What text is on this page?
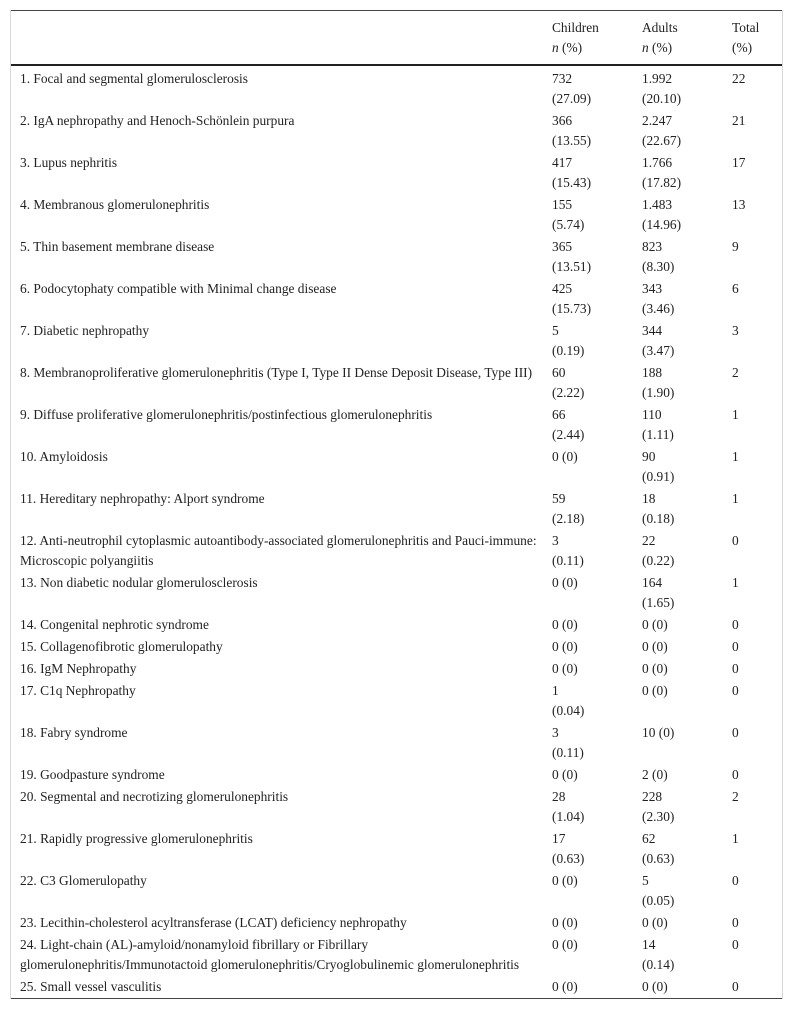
	Children
n (%)	Adults
n (%)	Total
(%)

1. Focal and segmental glomerulosclerosis	732
(27.09)	1.992
(20.10)	22

2. IgA nephropathy and Henoch-Schönlein purpura	366
(13.55)	2.247
(22.67)	21

3. Lupus nephritis	417
(15.43)	1.766
(17.82)	17

4. Membranous glomerulonephritis	155
(5.74)	1.483
(14.96)	13

5. Thin basement membrane disease	365
(13.51)	823
(8.30)	9

6. Podocytophaty compatible with Minimal change disease	425
(15.73)	343
(3.46)	6

7. Diabetic nephropathy	5
(0.19)	344
(3.47)	3

8. Membranoproliferative glomerulonephritis (Type I, Type II Dense Deposit Disease, Type III)	60
(2.22)	188
(1.90)	2

9. Diffuse proliferative glomerulonephritis/postinfectious glomerulonephritis	66
(2.44)	110
(1.11)	1

10. Amyloidosis	0 (0)	90
(0.91)	1

11. Hereditary nephropathy: Alport syndrome	59
(2.18)	18
(0.18)	1

12. Anti-neutrophil cytoplasmic autoantibody-associated glomerulonephritis and Pauci-immune: Microscopic polyangiitis	3
(0.11)	22
(0.22)	0

13. Non diabetic nodular glomerulosclerosis	0 (0)	164
(1.65)	1

14. Congenital nephrotic syndrome	0 (0)	0 (0)	0

15. Collagenofibrotic glomerulopathy	0 (0)	0 (0)	0

16. IgM Nephropathy	0 (0)	0 (0)	0

17. C1q Nephropathy	1
(0.04)	0 (0)	0

18. Fabry syndrome	3
(0.11)	10 (0)	0

19. Goodpasture syndrome	0 (0)	2 (0)	0

20. Segmental and necrotizing glomerulonephritis	28
(1.04)	228
(2.30)	2

21. Rapidly progressive glomerulonephritis	17
(0.63)	62
(0.63)	1

22. C3 Glomerulopathy	0 (0)	5
(0.05)	0

23. Lecithin-cholesterol acyltransferase (LCAT) deficiency nephropathy	0 (0)	0 (0)	0

24. Light-chain (AL)-amyloid/nonamyloid fibrillary or Fibrillary glomerulonephritis/Immunotactoid glomerulonephritis/Cryoglobulinemic glomerulonephritis	0 (0)	14
(0.14)	0

25. Small vessel vasculitis	0 (0)	0 (0)	0
